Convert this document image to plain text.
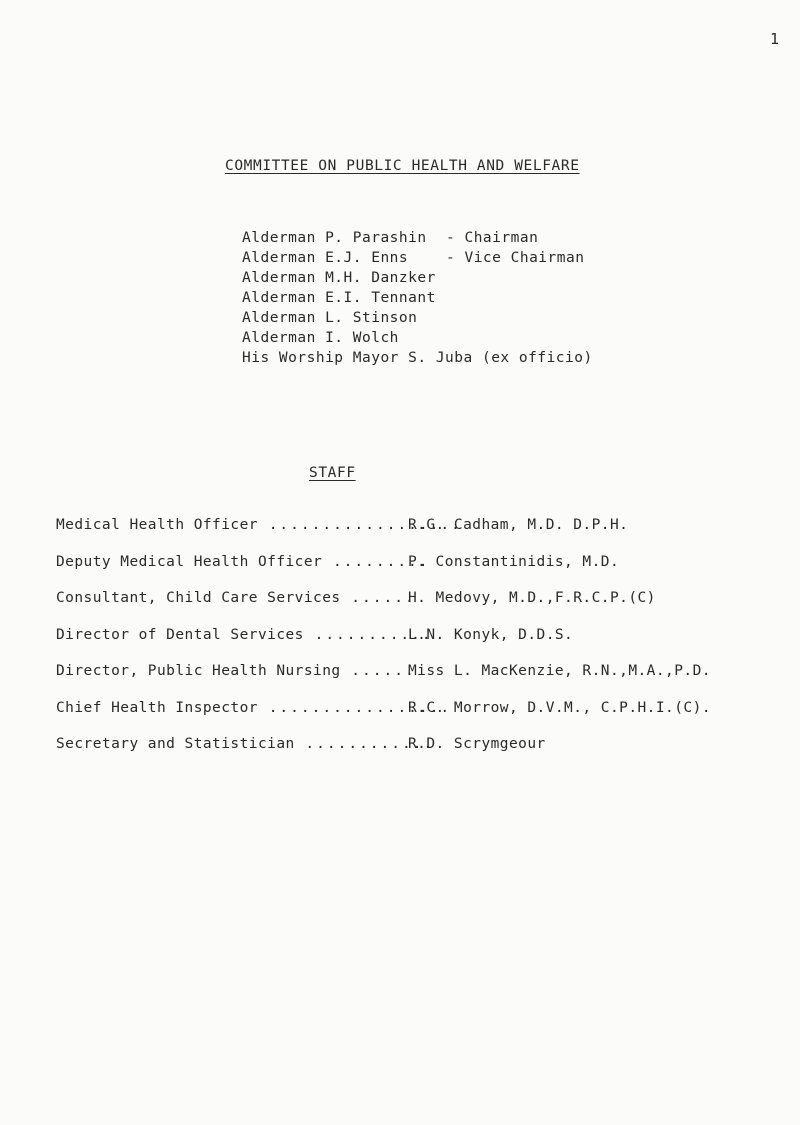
1
COMMITTEE ON PUBLIC HEALTH AND WELFARE
Alderman P. Parashin	- Chairman
Alderman E.J. Enns	- Vice Chairman
Alderman M.H. Danzker
Alderman E.I. Tennant
Alderman L. Stinson
Alderman I. Wolch
His Worship Mayor S. Juba (ex officio)
STAFF
Medical Health Officer ..................
R.G. Cadham, M.D. D.P.H.
Deputy Medical Health Officer .........
P. Constantinidis, M.D.
Consultant, Child Care Services ......
H. Medovy, M.D.,F.R.C.P.(C)
Director of Dental Services ...........
L.N. Konyk, D.D.S.
Director, Public Health Nursing ......
Miss L. MacKenzie, R.N.,M.A.,P.D.
Chief Health Inspector .................
R.C. Morrow, D.V.M., C.P.H.I.(C).
Secretary and Statistician ............
R.D. Scrymgeour
